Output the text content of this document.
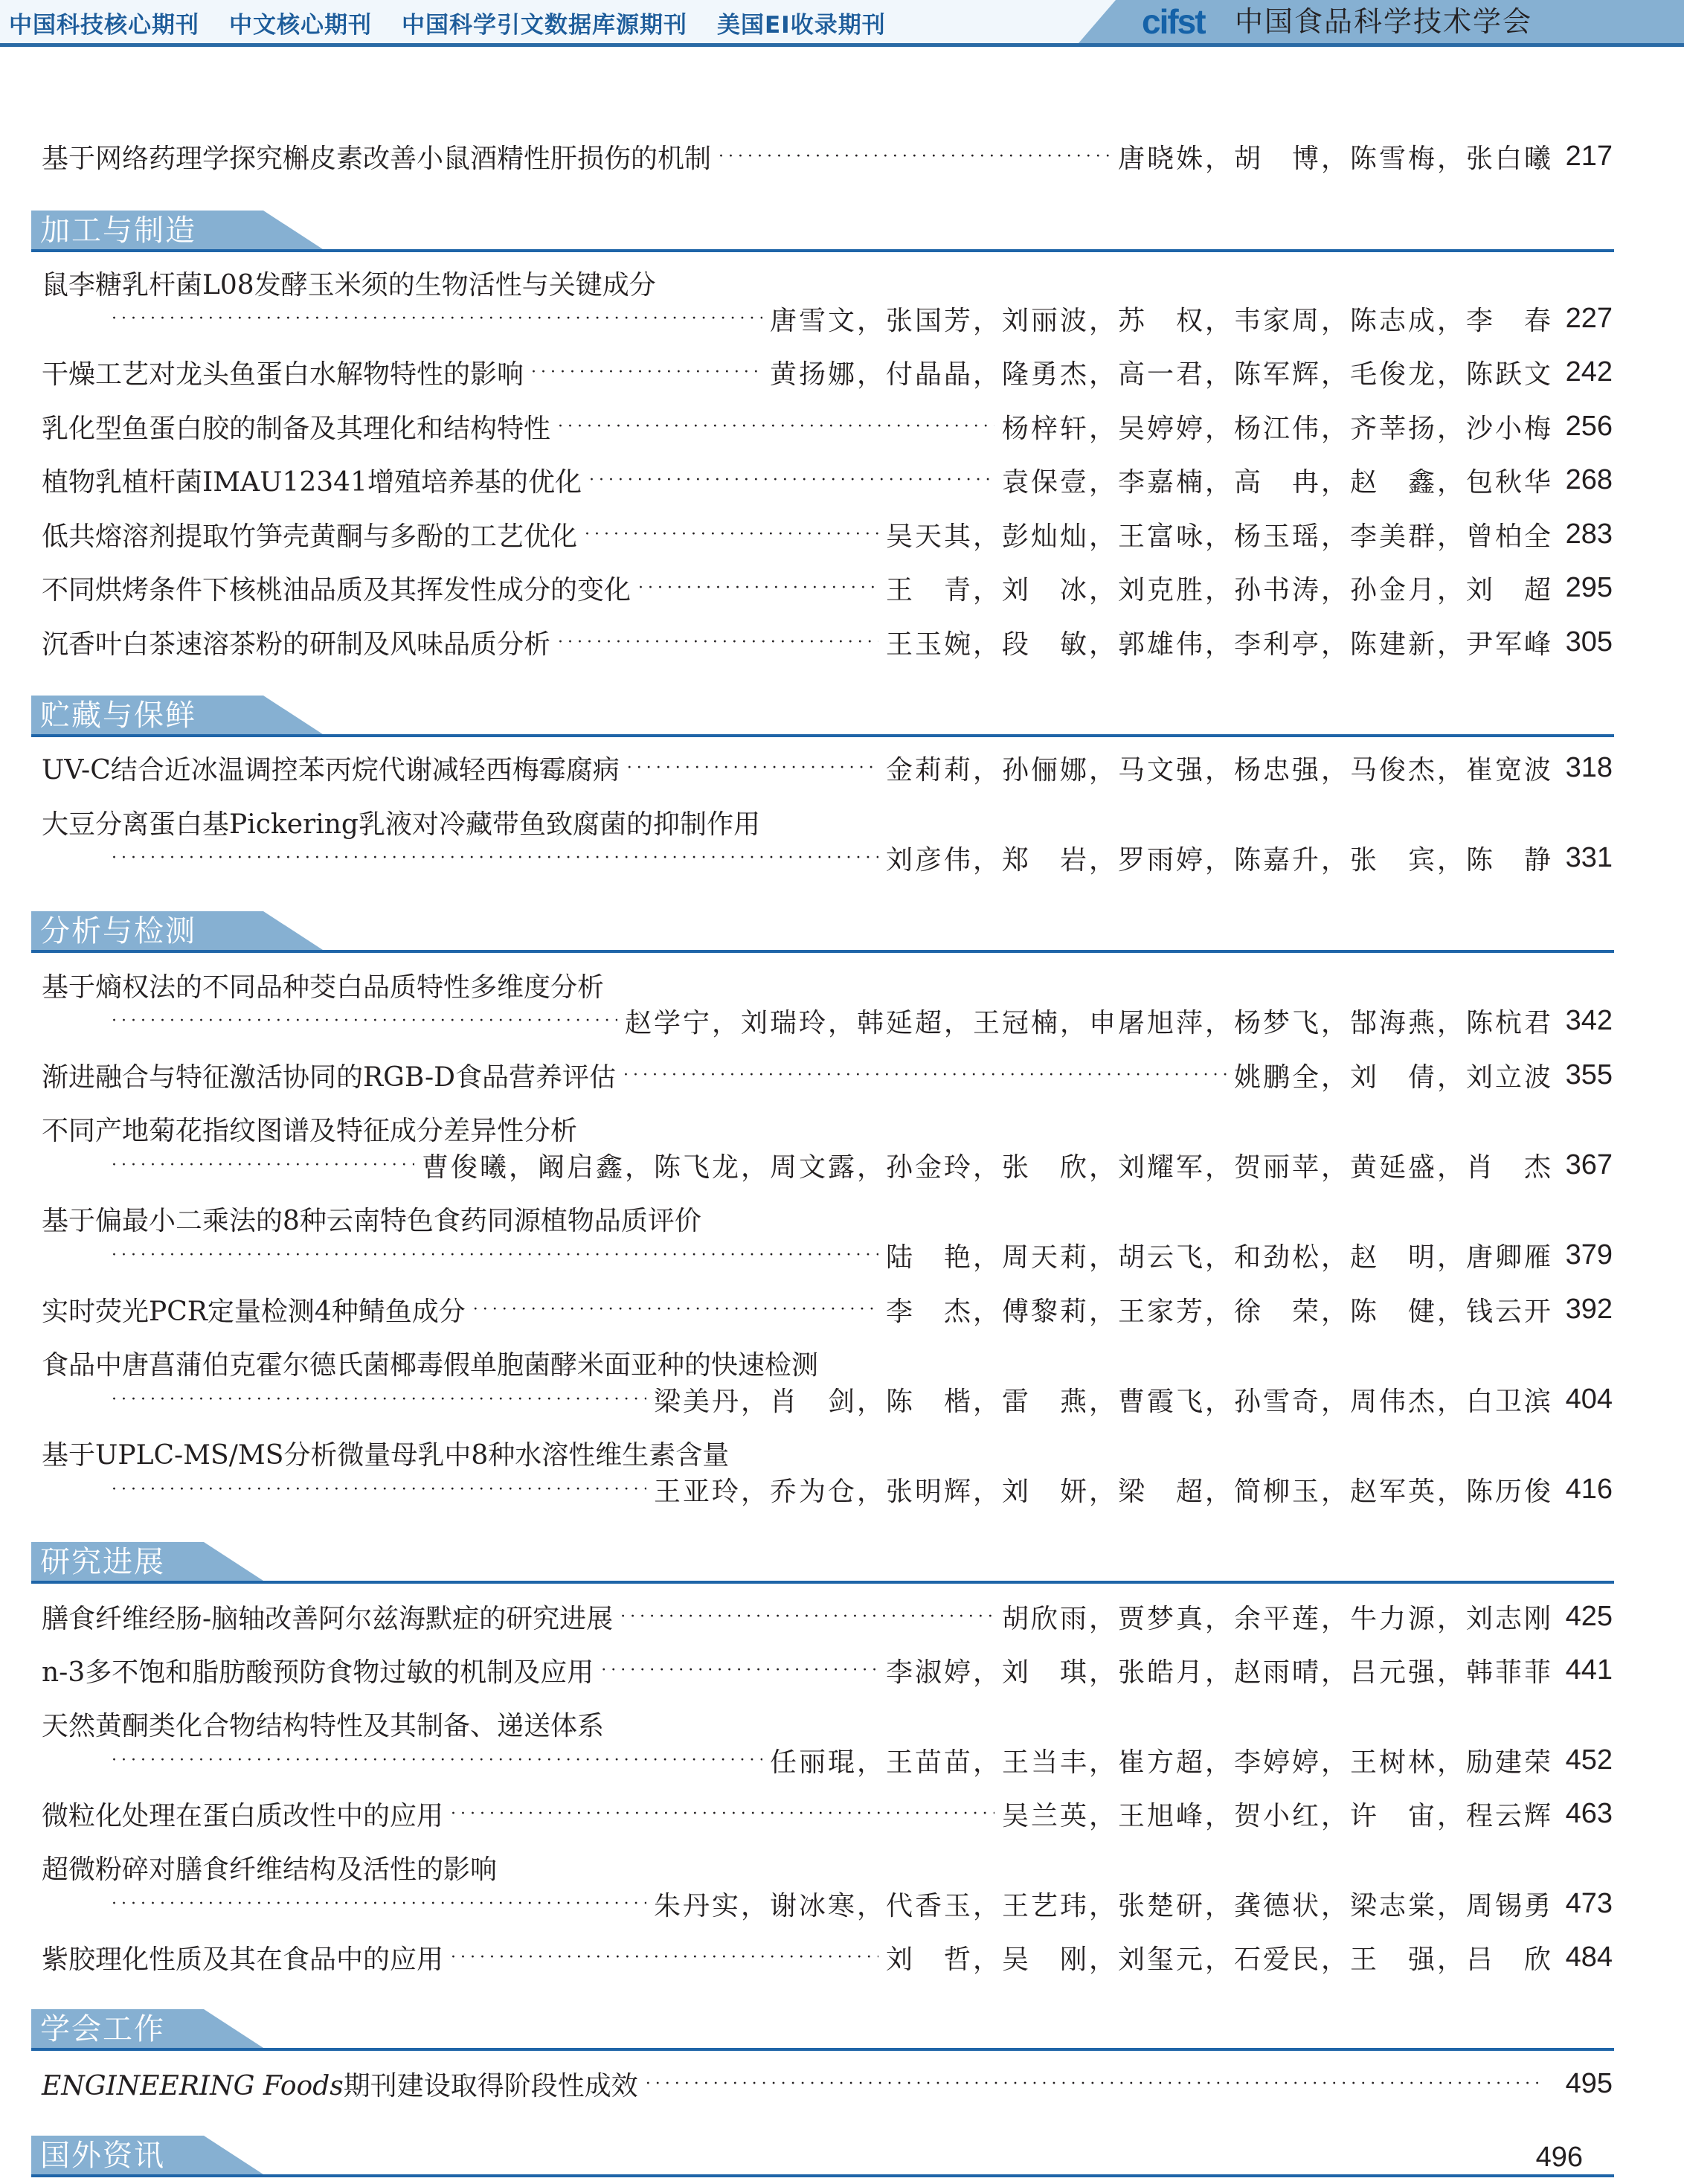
中国科技核心期刊 中文核心期刊 中国科学引文数据库源期刊 美国EI收录期刊	cifst 中国食品科学技术学会
基于网络药理学探究槲皮素改善小鼠酒精性肝损伤的机制 ·····	唐晓姝，胡　博，陈雪梅，张白曦 217
加工与制造
鼠李糖乳杆菌L08发酵玉米须的生物活性与关键成分
·····
唐雪文，张国芳，刘丽波，苏　权，韦家周，陈志成，李　春 227
干燥工艺对龙头鱼蛋白水解物特性的影响 ·····	黄扬娜，付晶晶，隆勇杰，高一君，陈军辉，毛俊龙，陈跃文 242
乳化型鱼蛋白胶的制备及其理化和结构特性 ·····	杨梓轩，吴婷婷，杨江伟，齐莘扬，沙小梅 256
植物乳植杆菌IMAU12341增殖培养基的优化 ·····	袁保壹，李嘉楠，高　冉，赵　鑫，包秋华 268
低共熔溶剂提取竹笋壳黄酮与多酚的工艺优化 ·····	吴天其，彭灿灿，王富咏，杨玉瑶，李美群，曾柏全 283
不同烘烤条件下核桃油品质及其挥发性成分的变化 ·····	王　青，刘　冰，刘克胜，孙书涛，孙金月，刘　超 295
沉香叶白茶速溶茶粉的研制及风味品质分析 ·····	王玉婉，段　敏，郭雄伟，李利亭，陈建新，尹军峰 305
贮藏与保鲜
UV-C结合近冰温调控苯丙烷代谢减轻西梅霉腐病 ·····	金莉莉，孙俪娜，马文强，杨忠强，马俊杰，崔宽波 318
大豆分离蛋白基Pickering乳液对冷藏带鱼致腐菌的抑制作用
·····
刘彦伟，郑　岩，罗雨婷，陈嘉升，张　宾，陈　静 331
分析与检测
基于熵权法的不同品种茭白品质特性多维度分析
·····
赵学宁，刘瑞玲，韩延超，王冠楠，申屠旭萍，杨梦飞，郜海燕，陈杭君 342
渐进融合与特征激活协同的RGB-D食品营养评估 ·····	姚鹏全，刘　倩，刘立波 355
不同产地菊花指纹图谱及特征成分差异性分析
·····
曹俊曦，阚启鑫，陈飞龙，周文露，孙金玲，张　欣，刘耀军，贺丽苹，黄延盛，肖　杰 367
基于偏最小二乘法的8种云南特色食药同源植物品质评价
·····
陆　艳，周天莉，胡云飞，和劲松，赵　明，唐卿雁 379
实时荧光PCR定量检测4种鲭鱼成分 ·····	李　杰，傅黎莉，王家芳，徐　荣，陈　健，钱云开 392
食品中唐菖蒲伯克霍尔德氏菌椰毒假单胞菌酵米面亚种的快速检测
·····
梁美丹，肖　剑，陈　楷，雷　燕，曹霞飞，孙雪奇，周伟杰，白卫滨 404
基于UPLC-MS/MS分析微量母乳中8种水溶性维生素含量
·····
王亚玲，乔为仓，张明辉，刘　妍，梁　超，简柳玉，赵军英，陈历俊 416
研究进展
膳食纤维经肠-脑轴改善阿尔兹海默症的研究进展 ·····	胡欣雨，贾梦真，余平莲，牛力源，刘志刚 425
n-3多不饱和脂肪酸预防食物过敏的机制及应用 ·····	李淑婷，刘　琪，张皓月，赵雨晴，吕元强，韩菲菲 441
天然黄酮类化合物结构特性及其制备、递送体系
·····
任丽琨，王苗苗，王当丰，崔方超，李婷婷，王树林，励建荣 452
微粒化处理在蛋白质改性中的应用 ·····	吴兰英，王旭峰，贺小红，许　宙，程云辉 463
超微粉碎对膳食纤维结构及活性的影响
·····
朱丹实，谢冰寒，代香玉，王艺玮，张楚研，龚德状，梁志棠，周锡勇 473
紫胶理化性质及其在食品中的应用 ·····	刘　哲，吴　刚，刘玺元，石爱民，王　强，吕　欣 484
学会工作
ENGINEERING Foods期刊建设取得阶段性成效 ·····	495
国外资讯	496
